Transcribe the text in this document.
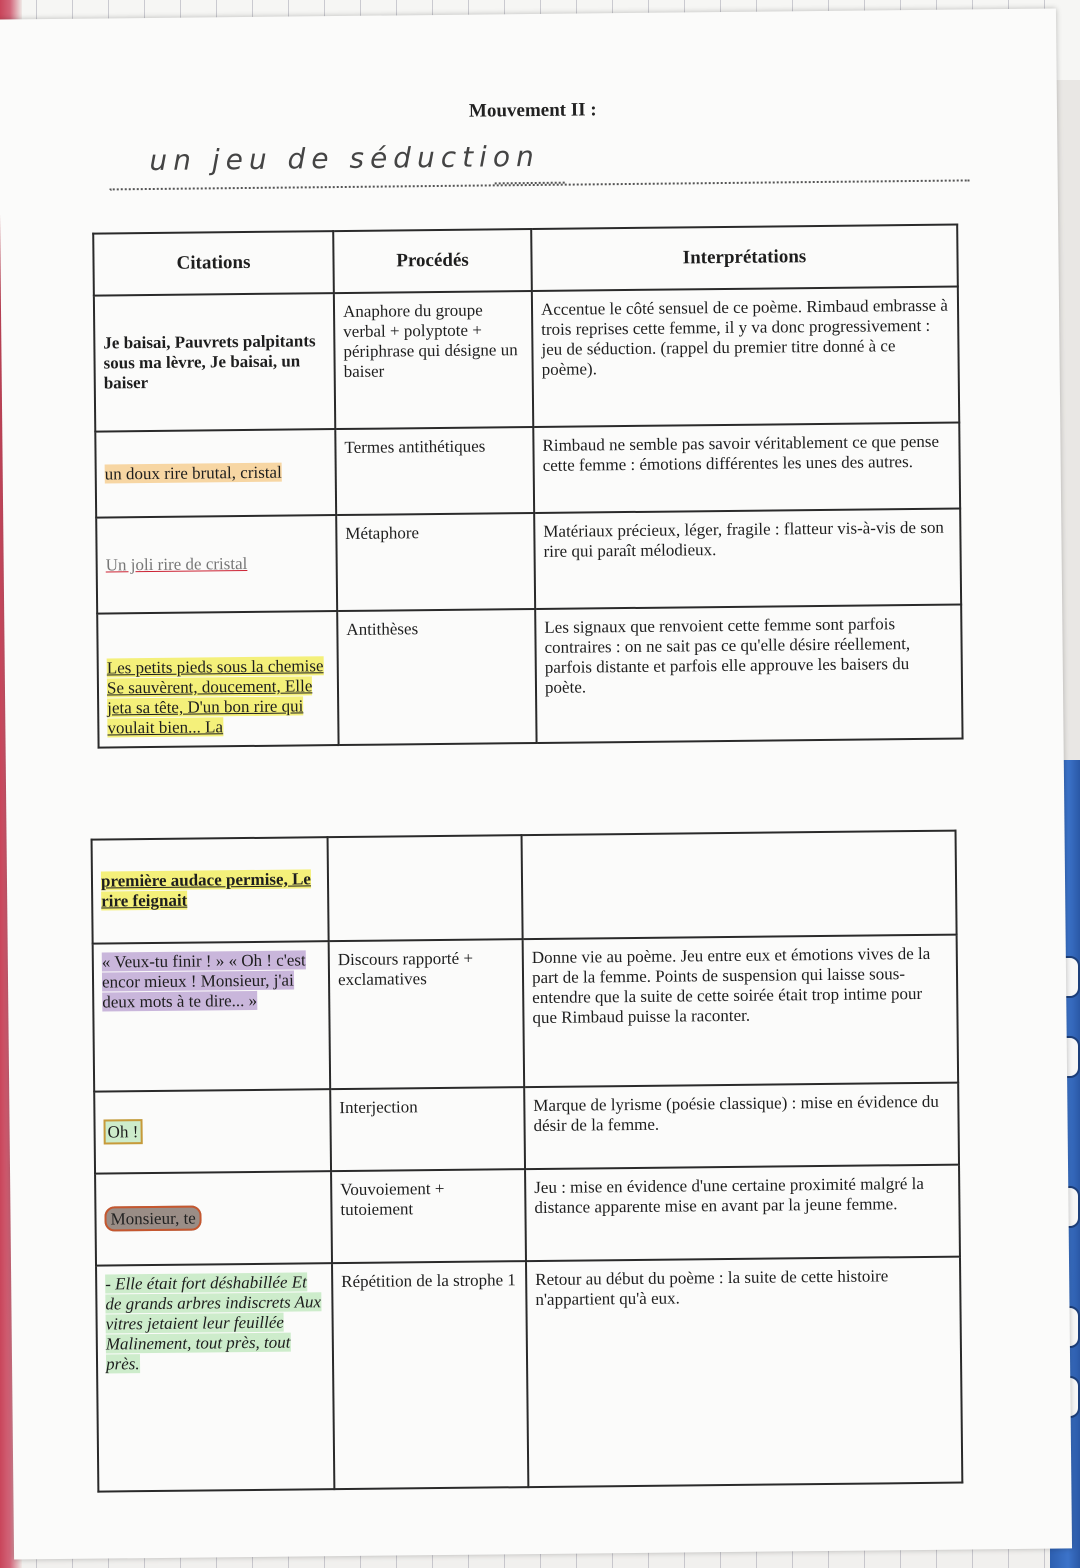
Mouvement II :
un jeu de séduction
Citations	Procédés	Interprétations
Je baisai, Pauvrets palpitants sous ma lèvre, Je baisai, un baiser	Anaphore du groupe verbal + polyptote + périphrase qui désigne un baiser	Accentue le côté sensuel de ce poème. Rimbaud embrasse à trois reprises cette femme, il y va donc progressivement : jeu de séduction. (rappel du premier titre donné à ce poème).
un doux rire brutal, cristal	Termes antithétiques	Rimbaud ne semble pas savoir véritablement ce que pense cette femme : émotions différentes les unes des autres.
Un joli rire de cristal	Métaphore	Matériaux précieux, léger, fragile : flatteur vis-à-vis de son rire qui paraît mélodieux.
Les petits pieds sous la chemise Se sauvèrent, doucement, Elle jeta sa tête, D'un bon rire qui voulait bien... La	Antithèses	Les signaux que renvoient cette femme sont parfois contraires : on ne sait pas ce qu'elle désire réellement, parfois distante et parfois elle approuve les baisers du poète.
première audace permise, Le rire feignait		
« Veux-tu finir ! » « Oh ! c'est encor mieux ! Monsieur, j'ai deux mots à te dire... »	Discours rapporté + exclamatives	Donne vie au poème. Jeu entre eux et émotions vives de la part de la femme. Points de suspension qui laisse sous-entendre que la suite de cette soirée était trop intime pour que Rimbaud puisse la raconter.
Oh !	Interjection	Marque de lyrisme (poésie classique) : mise en évidence du désir de la femme.
Monsieur, te	Vouvoiement + tutoiement	Jeu : mise en évidence d'une certaine proximité malgré la distance apparente mise en avant par la jeune femme.
- Elle était fort déshabillée Et de grands arbres indiscrets Aux vitres jetaient leur feuillée Malinement, tout près, tout près.	Répétition de la strophe 1	Retour au début du poème : la suite de cette histoire n'appartient qu'à eux.
